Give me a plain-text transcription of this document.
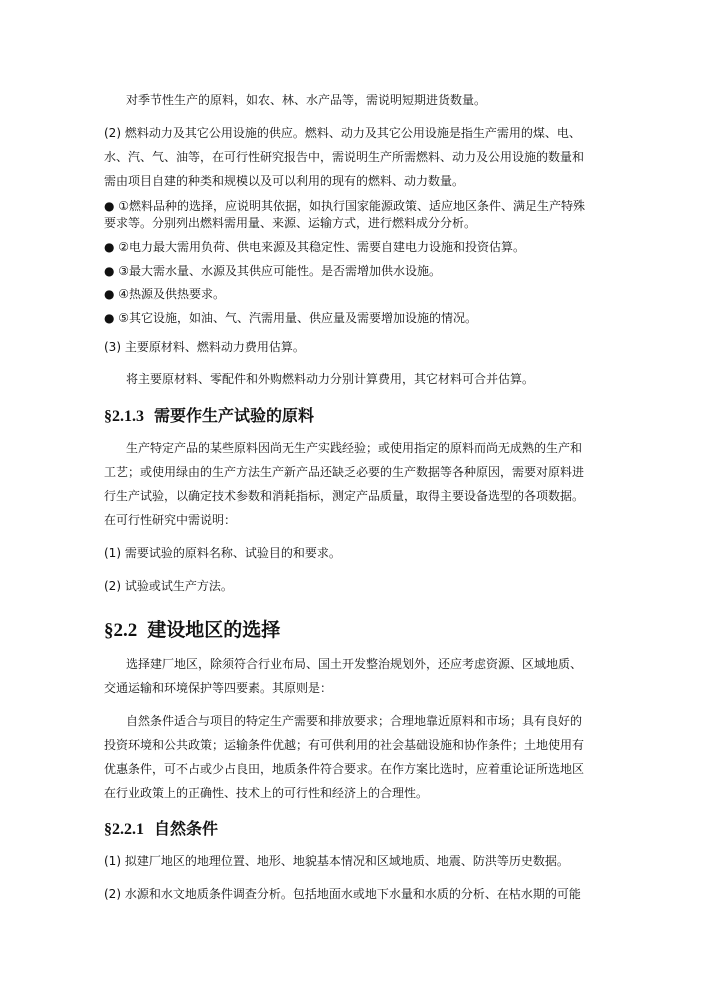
对季节性生产的原料，如农、林、水产品等，需说明短期进货数量。
(2) 燃料动力及其它公用设施的供应。燃料、动力及其它公用设施是指生产需用的煤、电、
水、汽、气、油等，在可行性研究报告中，需说明生产所需燃料、动力及公用设施的数量和
需由项目自建的种类和规模以及可以利用的现有的燃料、动力数量。
● ①燃料品种的选择，应说明其依据，如执行国家能源政策、适应地区条件、满足生产特殊
要求等。分别列出燃料需用量、来源、运输方式，进行燃料成分分析。
● ②电力最大需用负荷、供电来源及其稳定性、需要自建电力设施和投资估算。
● ③最大需水量、水源及其供应可能性。是否需增加供水设施。
● ④热源及供热要求。
● ⑤其它设施，如油、气、汽需用量、供应量及需要增加设施的情况。
(3) 主要原材料、燃料动力费用估算。
将主要原材料、零配件和外购燃料动力分别计算费用，其它材料可合并估算。
§2.1.3 需要作生产试验的原料
生产特定产品的某些原料因尚无生产实践经验；或使用指定的原料而尚无成熟的生产和
工艺；或使用绿由的生产方法生产新产品还缺乏必要的生产数据等各种原因，需要对原料进
行生产试验，以确定技术参数和消耗指标，测定产品质量，取得主要设备选型的各项数据。
在可行性研究中需说明：
(1) 需要试验的原料名称、试验目的和要求。
(2) 试验或试生产方法。
§2.2 建设地区的选择
选择建厂地区，除须符合行业布局、国土开发整治规划外，还应考虑资源、区域地质、
交通运输和环境保护等四要素。其原则是：
自然条件适合与项目的特定生产需要和排放要求；合理地靠近原料和市场；具有良好的
投资环境和公共政策；运输条件优越；有可供利用的社会基础设施和协作条件；土地使用有
优惠条件，可不占或少占良田，地质条件符合要求。在作方案比选时，应着重论证所选地区
在行业政策上的正确性、技术上的可行性和经济上的合理性。
§2.2.1 自然条件
(1) 拟建厂地区的地理位置、地形、地貌基本情况和区域地质、地震、防洪等历史数据。
(2) 水源和水文地质条件调查分析。包括地面水或地下水量和水质的分析、在枯水期的可能
